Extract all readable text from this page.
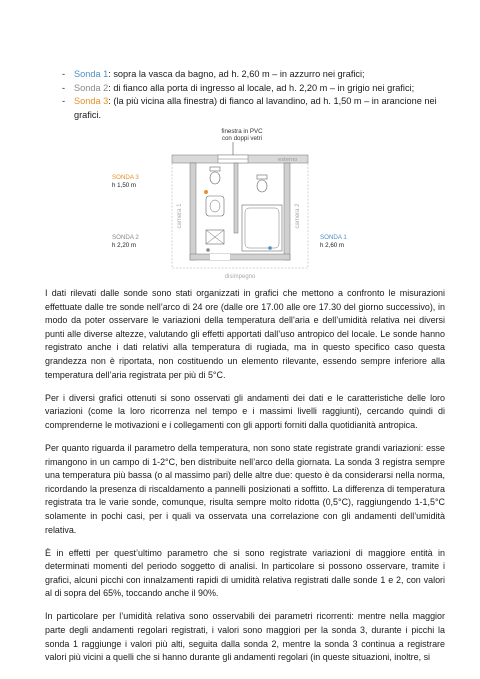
- Sonda 1: sopra la vasca da bagno, ad h. 2,60 m – in azzurro nei grafici;
- Sonda 2: di fianco alla porta di ingresso al locale, ad h. 2,20 m – in grigio nei grafici;
- Sonda 3: (la più vicina alla finestra) di fianco al lavandino, ad h. 1,50 m – in arancione nei grafici.
finestra in PVC
con doppi vetri
esterno
camera 1	camera 2
disimpegno
SONDA 3
h 1,50 m
SONDA 2
h 2,20 m
SONDA 1
h 2,60 m

I dati rilevati dalle sonde sono stati organizzati in grafici che mettono a confronto le misurazioni effettuate dalle tre sonde nell’arco di 24 ore (dalle ore 17.00 alle ore 17.30 del giorno successivo), in modo da poter osservare le variazioni della temperatura dell’aria e dell’umidità relativa nei diversi punti alle diverse altezze, valutando gli effetti apportati dall’uso antropico del locale. Le sonde hanno registrato anche i dati relativi alla temperatura di rugiada, ma in questo specifico caso questa grandezza non è riportata, non costituendo un elemento rilevante, essendo sempre inferiore alla temperatura dell’aria registrata per più di 5°C.

Per i diversi grafici ottenuti si sono osservati gli andamenti dei dati e le caratteristiche delle loro variazioni (come la loro ricorrenza nel tempo e i massimi livelli raggiunti), cercando quindi di comprenderne le motivazioni e i collegamenti con gli apporti forniti dalla quotidianità antropica.

Per quanto riguarda il parametro della temperatura, non sono state registrate grandi variazioni: esse rimangono in un campo di 1-2°C, ben distribuite nell’arco della giornata. La sonda 3 registra sempre una temperatura più bassa (o al massimo pari) delle altre due: questo è da considerarsi nella norma, ricordando la presenza di riscaldamento a pannelli posizionati a soffitto. La differenza di temperatura registrata tra le varie sonde, comunque, risulta sempre molto ridotta (0,5°C), raggiungendo 1-1,5°C solamente in pochi casi, per i quali va osservata una correlazione con gli andamenti dell’umidità relativa.

È in effetti per quest’ultimo parametro che si sono registrate variazioni di maggiore entità in determinati momenti del periodo soggetto di analisi. In particolare si possono osservare, tramite i grafici, alcuni picchi con innalzamenti rapidi di umidità relativa registrati dalle sonde 1 e 2, con valori al di sopra del 65%, toccando anche il 90%.

In particolare per l’umidità relativa sono osservabili dei parametri ricorrenti: mentre nella maggior parte degli andamenti regolari registrati, i valori sono maggiori per la sonda 3, durante i picchi la sonda 1 raggiunge i valori più alti, seguita dalla sonda 2, mentre la sonda 3 continua a registrare valori più vicini a quelli che si hanno durante gli andamenti regolari (in queste situazioni, inoltre, si
